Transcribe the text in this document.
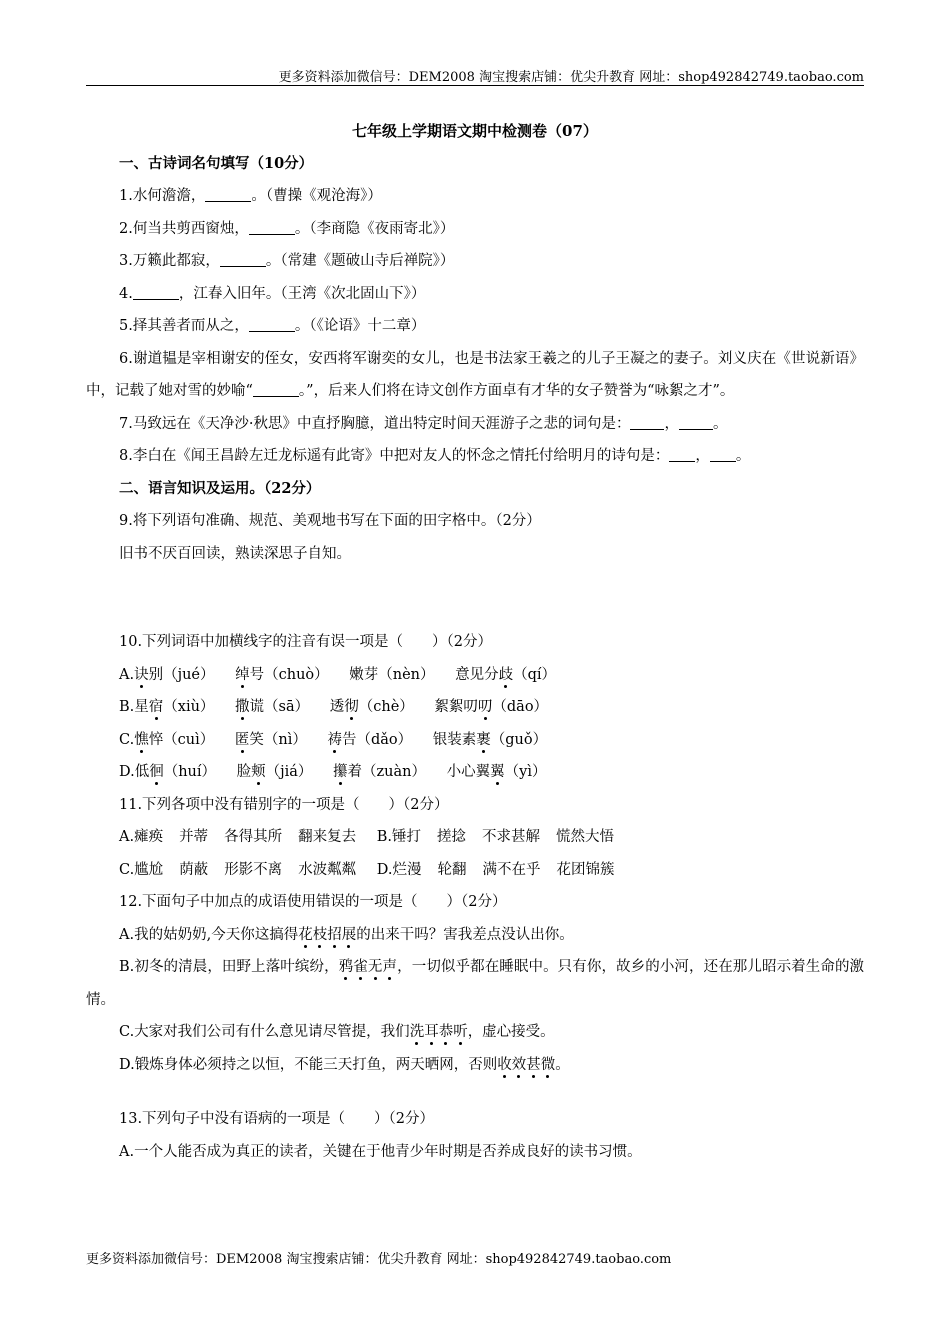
更多资料添加微信号：DEM2008 淘宝搜索店铺：优尖升教育 网址：shop492842749.taobao.com
七年级上学期语文期中检测卷（07）
一、古诗词名句填写（10分）
1.水何澹澹，	。（曹操《观沧海》）
2.何当共剪西窗烛，	。（李商隐《夜雨寄北》）
3.万籁此都寂，	。（常建《题破山寺后禅院》）
4.	，江春入旧年。（王湾《次北固山下》）
5.择其善者而从之，	。（《论语》十二章）
6.谢道韫是宰相谢安的侄女，安西将军谢奕的女儿，也是书法家王羲之的儿子王凝之的妻子。刘义庆在《世说新语》中，记载了她对雪的妙喻“	。”，后来人们将在诗文创作方面卓有才华的女子赞誉为“咏絮之才”。
7.马致远在《天净沙·秋思》中直抒胸臆，道出特定时间天涯游子之悲的词句是： ， 。
8.李白在《闻王昌龄左迁龙标遥有此寄》中把对友人的怀念之情托付给明月的诗句是： ， 。
二、语言知识及运用。（22分）
9.将下列语句准确、规范、美观地书写在下面的田字格中。（2分）
旧书不厌百回读，熟读深思子自知。
10.下列词语中加横线字的注音有误一项是（　　）（2分）
A.诀别（jué） 绰号（chuò） 嫩芽（nèn） 意见分歧（qí）
B.星宿（xiù） 撒谎（sā） 透彻（chè） 絮絮叨叨（dāo）
C.憔悴（cuì） 匿笑（nì） 祷告（dǎo） 银装素裹（guǒ）
D.低徊（huí） 脸颊（jiá） 攥着（zuàn） 小心翼翼（yì）
11.下列各项中没有错别字的一项是（　　）（2分）
A.瘫痪 并蒂 各得其所 翻来复去 B.锤打 搓捻 不求甚解 慌然大悟
C.尴尬 荫蔽 形影不离 水波粼粼 D.烂漫 轮翻 满不在乎 花团锦簇
12.下面句子中加点的成语使用错误的一项是（　　）（2分）
A.我的姑奶奶,今天你这搞得花枝招展的出来干吗？害我差点没认出你。
B.初冬的清晨，田野上落叶缤纷，鸦雀无声，一切似乎都在睡眠中。只有你，故乡的小河，还在那儿昭示着生命的激情。
C.大家对我们公司有什么意见请尽管提，我们洗耳恭听，虚心接受。
D.锻炼身体必须持之以恒，不能三天打鱼，两天晒网，否则收效甚微。
13.下列句子中没有语病的一项是（　　）（2分）
A.一个人能否成为真正的读者，关键在于他青少年时期是否养成良好的读书习惯。
更多资料添加微信号：DEM2008 淘宝搜索店铺：优尖升教育 网址：shop492842749.taobao.com
